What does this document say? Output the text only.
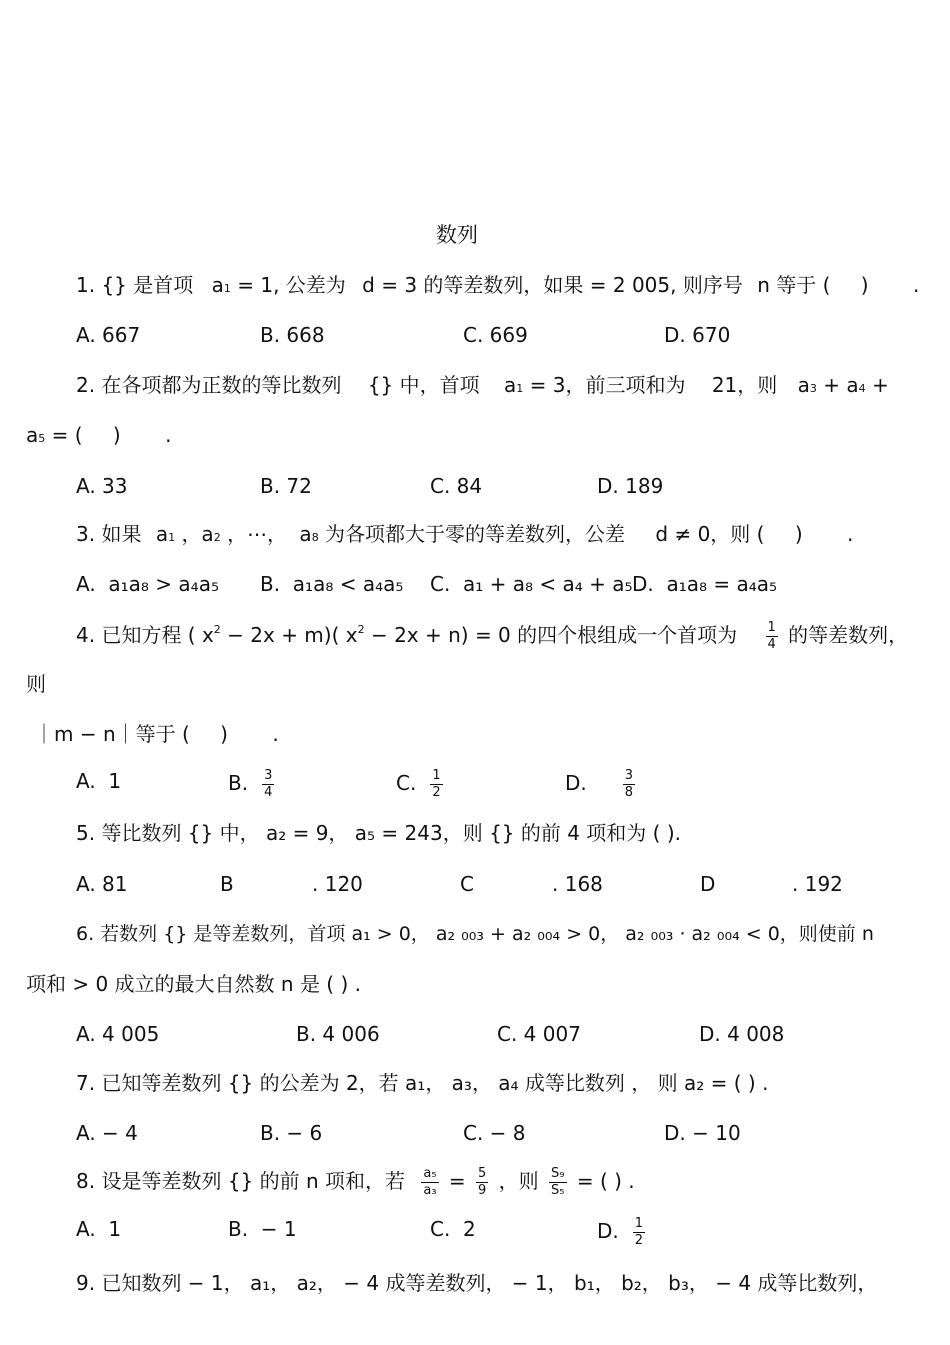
数列
1. {} 是首项 a1 = 1, 公差为 d = 3 的等差数列，如果 = 2 005, 则序号 n 等于 ( ) .
A. 667	B. 668	C. 669	D. 670
2. 在各项都为正数的等比数列 {} 中，首项 a1 = 3，前三项和为 21，则 a3 + a4 +
a5 = ( ) .
A. 33	B. 72	C. 84	D. 189
3. 如果 a1 ，a2 ，⋯， a8 为各项都大于零的等差数列，公差 d ≠ 0，则 ( ) .
A. a₁a₈ > a₄a₅ B. a₁a₈ < a₄a₅ C. a₁ + a₈ < a₄ + a₅ D. a₁a₈ = a₄a₅
4. 已知方程 ( $x^2 - 2x + m$)( $x^2 - 2x + n) = 0$ 的四个根组成一个首项为 $\frac{1}{4}$ 的等差数列，
则
｜m − n｜等于 ( ) .
A. 1	B. $\frac{3}{4}$	C. $\frac{1}{2}$	D.	$\frac{3}{8}$
5. 等比数列 {} 中， a₂ = 9， a₅ = 243，则 {} 的前 4 项和为 ( ).
A. 81	B	. 120	C	. 168	D	. 192
6. 若数列 {} 是等差数列，首项 a₁ > 0， a₂ ₀₀₃ + a₂ ₀₀₄ > 0， a₂ ₀₀₃ · a₂ ₀₀₄ < 0，则使前 n
项和 > 0 成立的最大自然数 n 是 ( ) .
A. 4 005	B. 4 006	C. 4 007	D. 4 008
7. 已知等差数列 {} 的公差为 2，若 a₁， a₃， a₄ 成等比数列 ， 则 a₂ = ( ) .
A. − 4	B. − 6	C. − 8	D. − 10
8. 设是等差数列 {} 的前 n 项和，若 $\frac{\text{a₅}}{\text{a₃}} = \frac{5}{9}$ ，则 $\frac{\text{S₉}}{\text{S₅}}$ = ( ) .
A. 1	B. − 1	C. 2	D. $\frac{1}{2}$
9. 已知数列 − 1， a₁， a₂， − 4 成等差数列， − 1， b₁， b₂， b₃， − 4 成等比数列，
